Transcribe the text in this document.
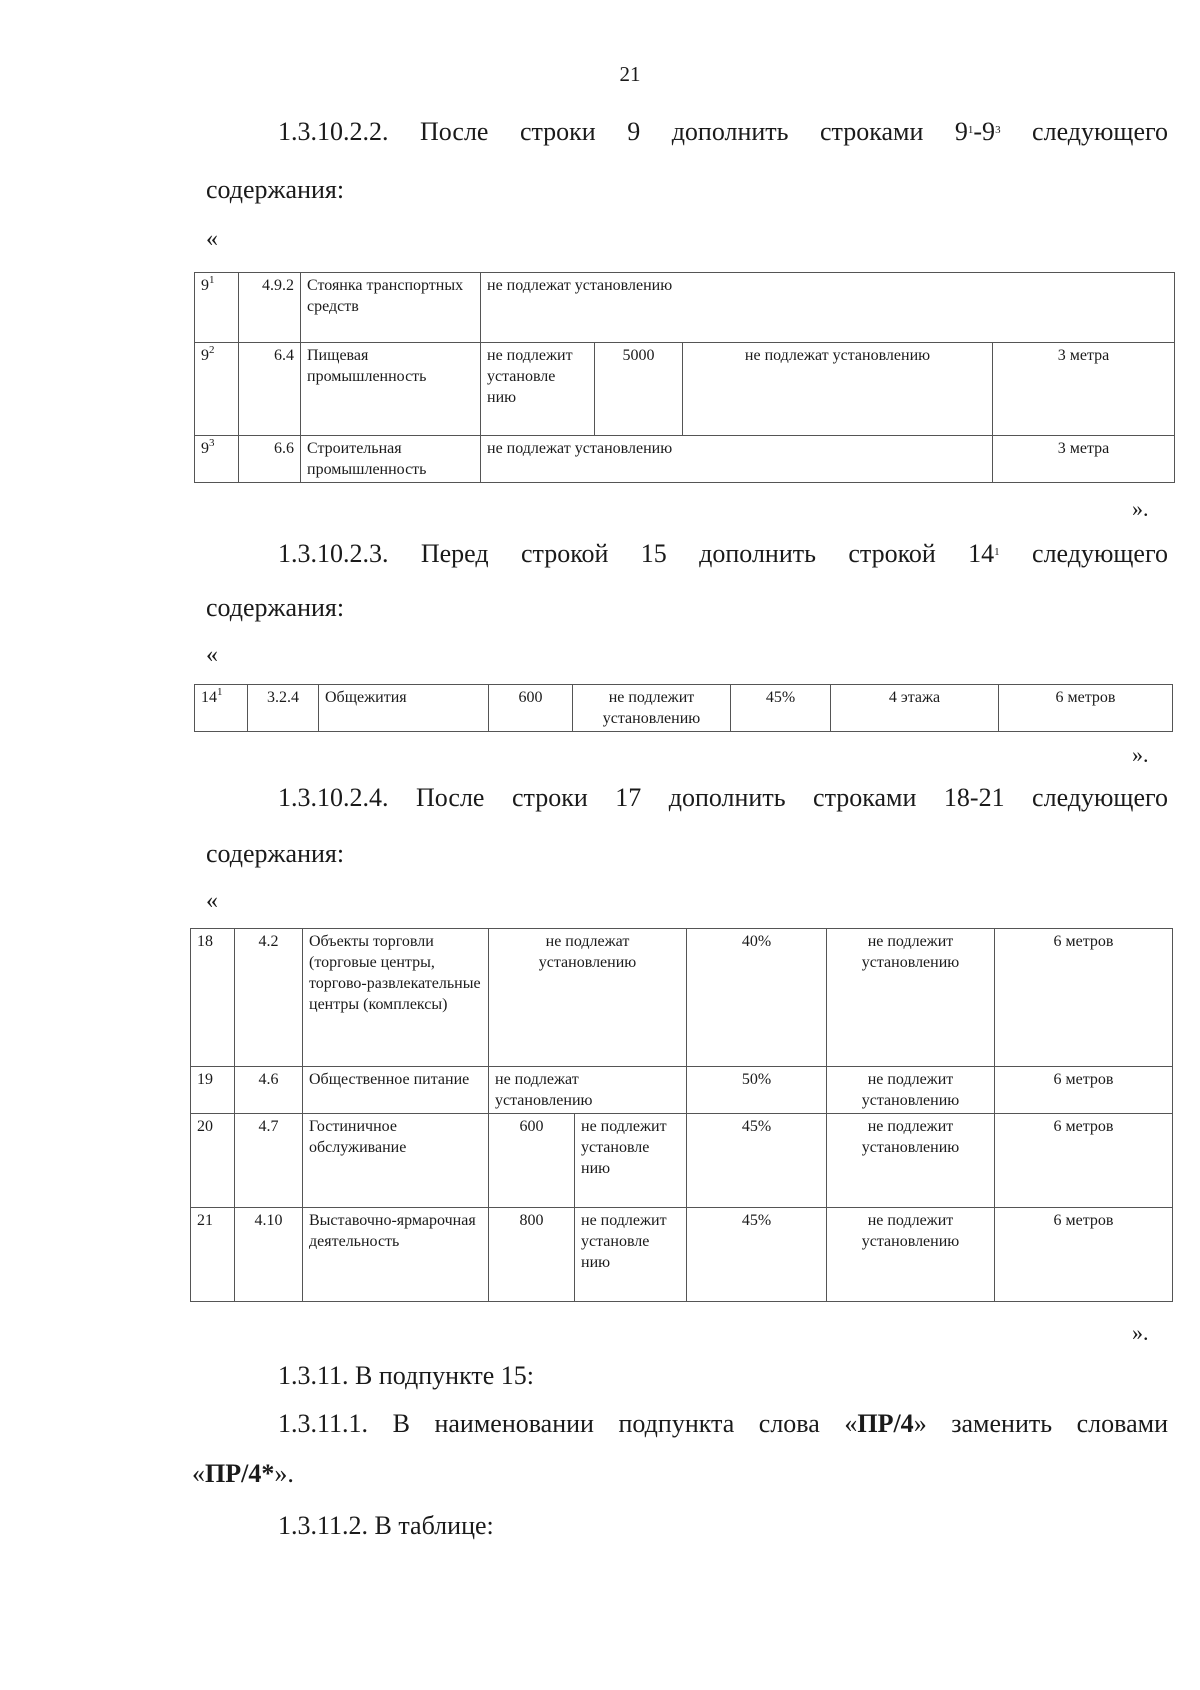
21
1.3.10.2.2. После строки 9 дополнить строками $9^1-9^3$ следующего
содержания:
«
$9^1$	4.9.2	Стоянка транспортных средств	не подлежат установлению			
$9^2$	6.4	Пищевая промышленность	не подлежит установле нию	5000	не подлежат установлению	3 метра
$9^3$	6.6	Строительная промышленность	не подлежат установлению			3 метра
».
1.3.10.2.3. Перед строкой 15 дополнить строкой $14^1$ следующего
содержания:
«
$14^1$	3.2.4	Общежития	600	не подлежит установлению	45%	4 этажа	6 метров
».
1.3.10.2.4. После строки 17 дополнить строками 18-21 следующего
содержания:
«
18	4.2	Объекты торговли (торговые центры, торгово-развлекательные центры (комплексы)	не подлежат установлению		40%	не подлежит установлению	6 метров
19	4.6	Общественное питание	не подлежат установлению		50%	не подлежит установлению	6 метров
20	4.7	Гостиничное обслуживание	600	не подлежит установле нию	45%	не подлежит установлению	6 метров
21	4.10	Выставочно-ярмарочная деятельность	800	не подлежит установле нию	45%	не подлежит установлению	6 метров
».
1.3.11. В подпункте 15:
1.3.11.1. В наименовании подпункта слова «ПР/4» заменить словами
«ПР/4*».
1.3.11.2. В таблице:
